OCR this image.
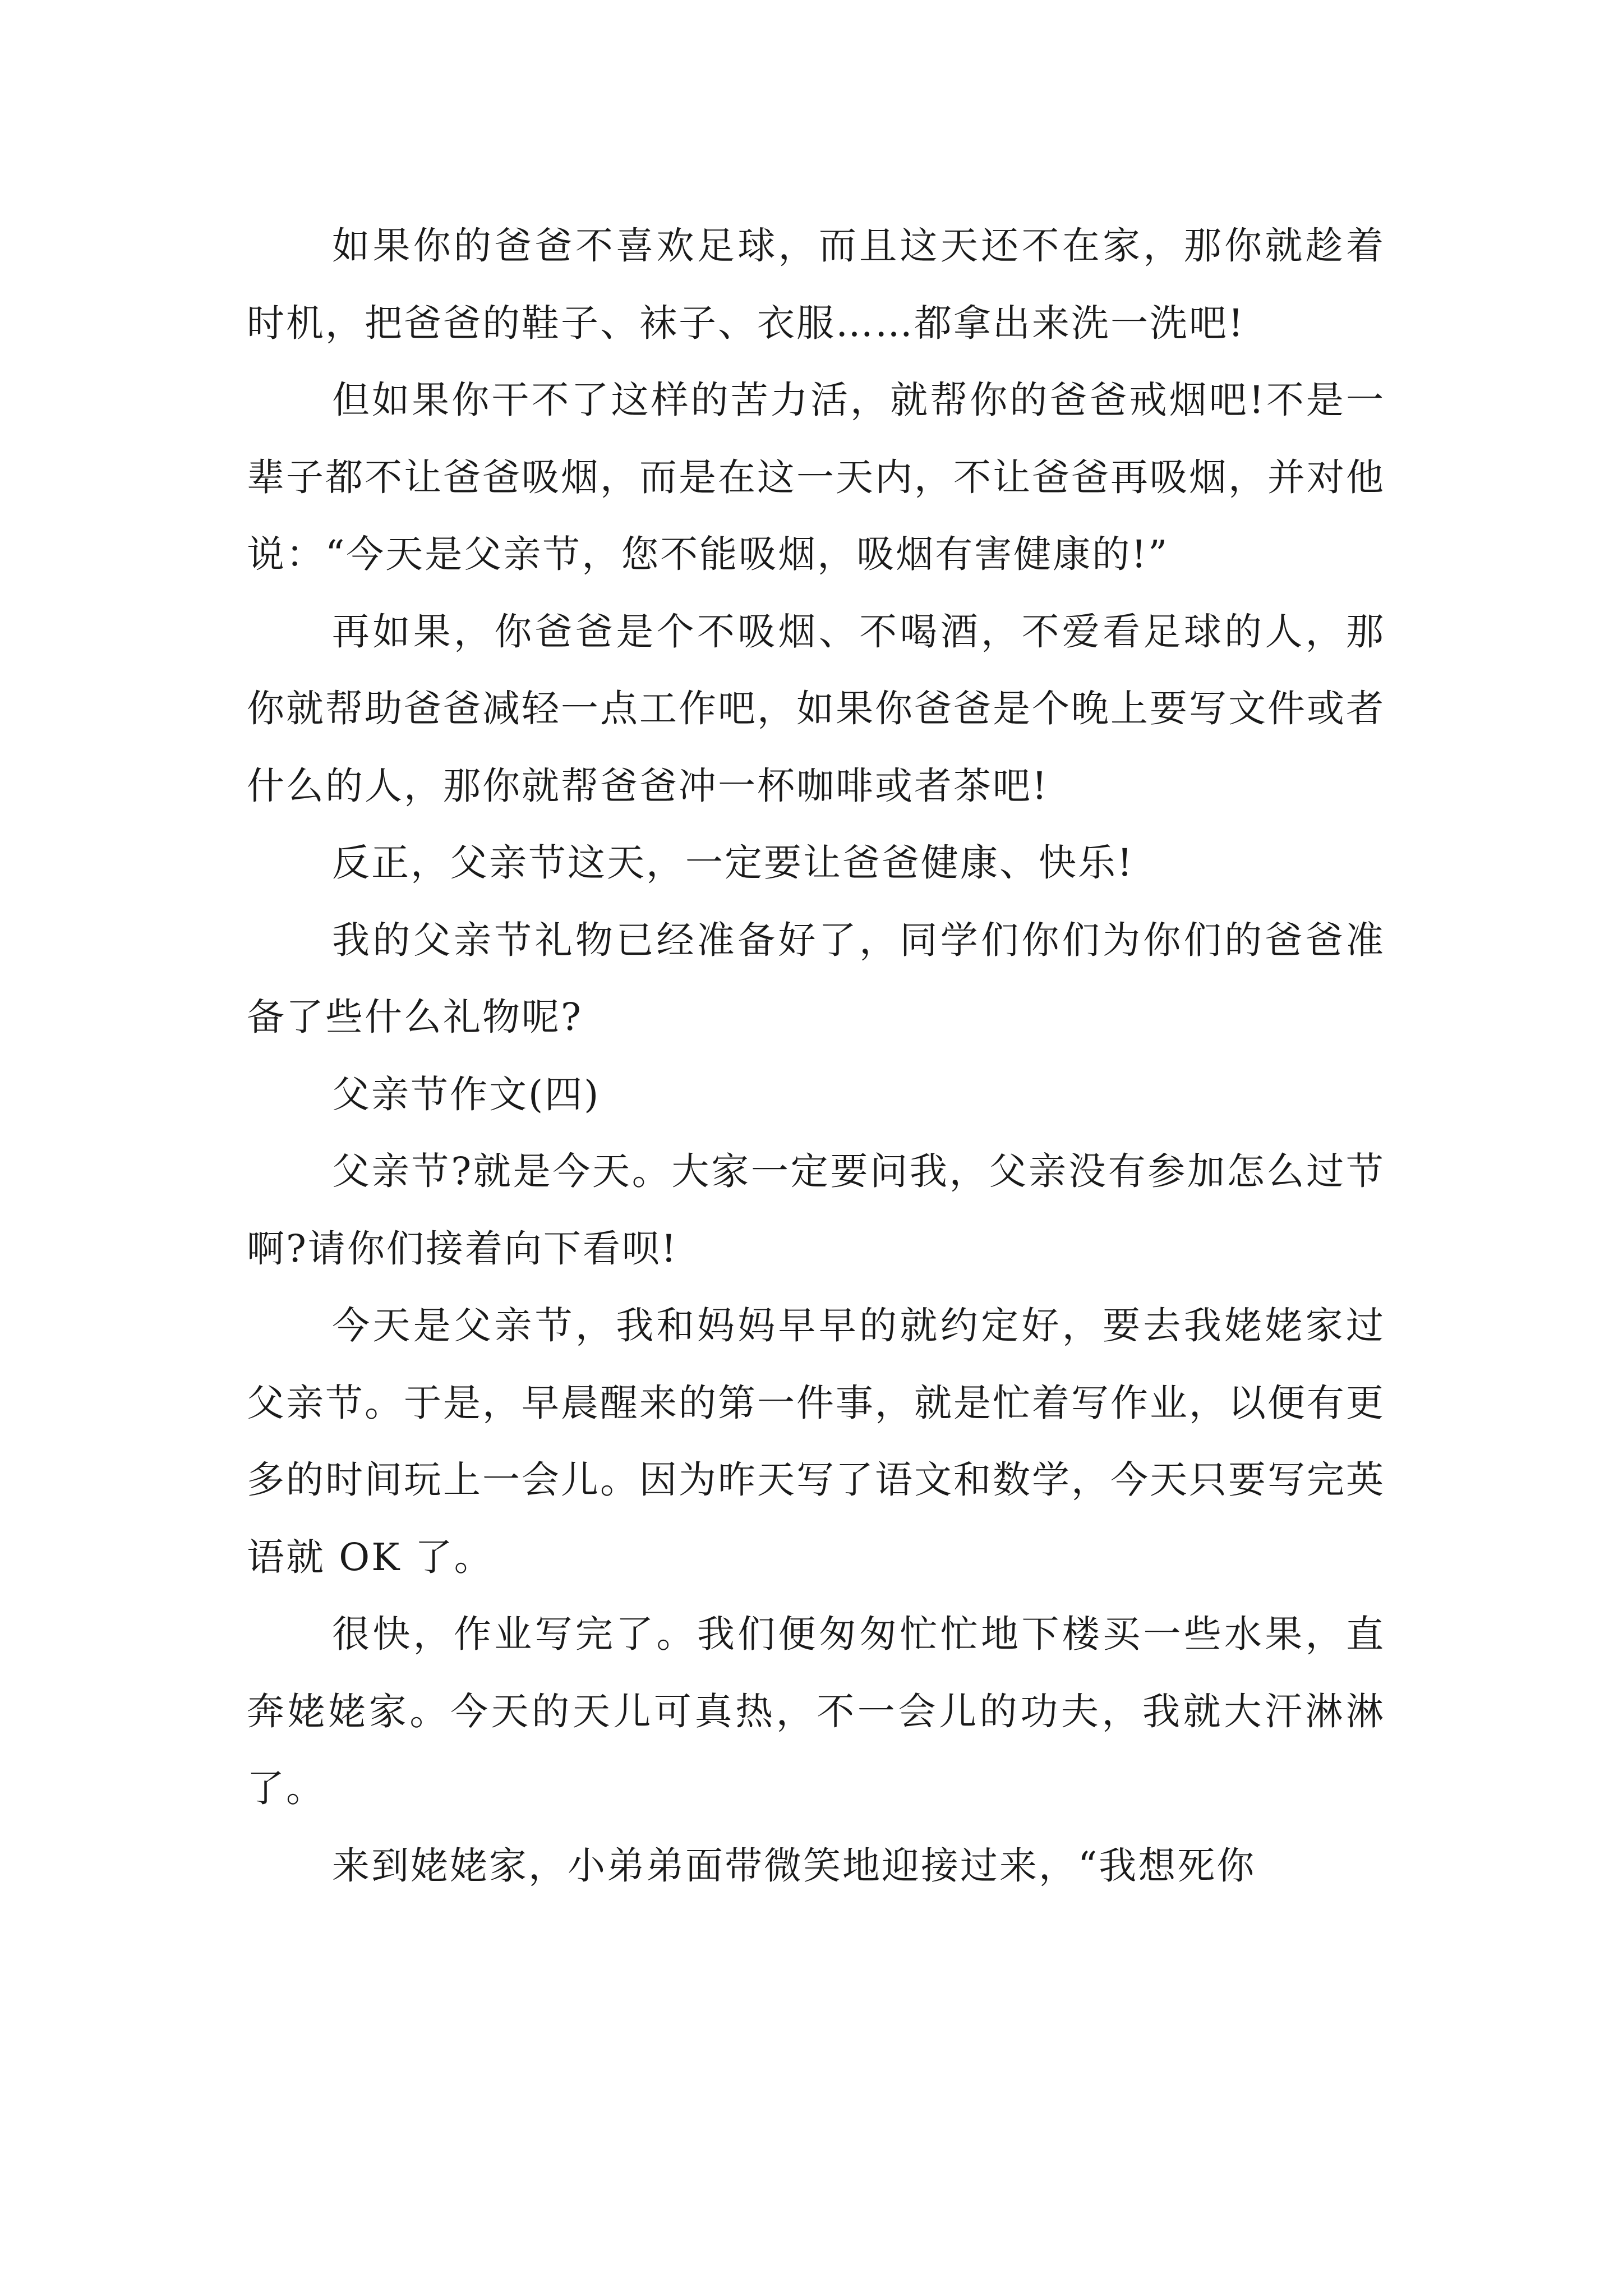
如果你的爸爸不喜欢足球，而且这天还不在家，那你就趁着时机，把爸爸的鞋子、袜子、衣服……都拿出来洗一洗吧!

但如果你干不了这样的苦力活，就帮你的爸爸戒烟吧!不是一辈子都不让爸爸吸烟，而是在这一天内，不让爸爸再吸烟，并对他说：“今天是父亲节，您不能吸烟，吸烟有害健康的!”

再如果，你爸爸是个不吸烟、不喝酒，不爱看足球的人，那你就帮助爸爸减轻一点工作吧，如果你爸爸是个晚上要写文件或者什么的人，那你就帮爸爸冲一杯咖啡或者茶吧!

反正，父亲节这天，一定要让爸爸健康、快乐!

我的父亲节礼物已经准备好了，同学们你们为你们的爸爸准备了些什么礼物呢?

父亲节作文(四)

父亲节?就是今天。大家一定要问我，父亲没有参加怎么过节啊?请你们接着向下看呗!

今天是父亲节，我和妈妈早早的就约定好，要去我姥姥家过父亲节。于是，早晨醒来的第一件事，就是忙着写作业，以便有更多的时间玩上一会儿。因为昨天写了语文和数学，今天只要写完英语就 OK 了。

很快，作业写完了。我们便匆匆忙忙地下楼买一些水果，直奔姥姥家。今天的天儿可真热，不一会儿的功夫，我就大汗淋淋了。

来到姥姥家，小弟弟面带微笑地迎接过来，“我想死你
